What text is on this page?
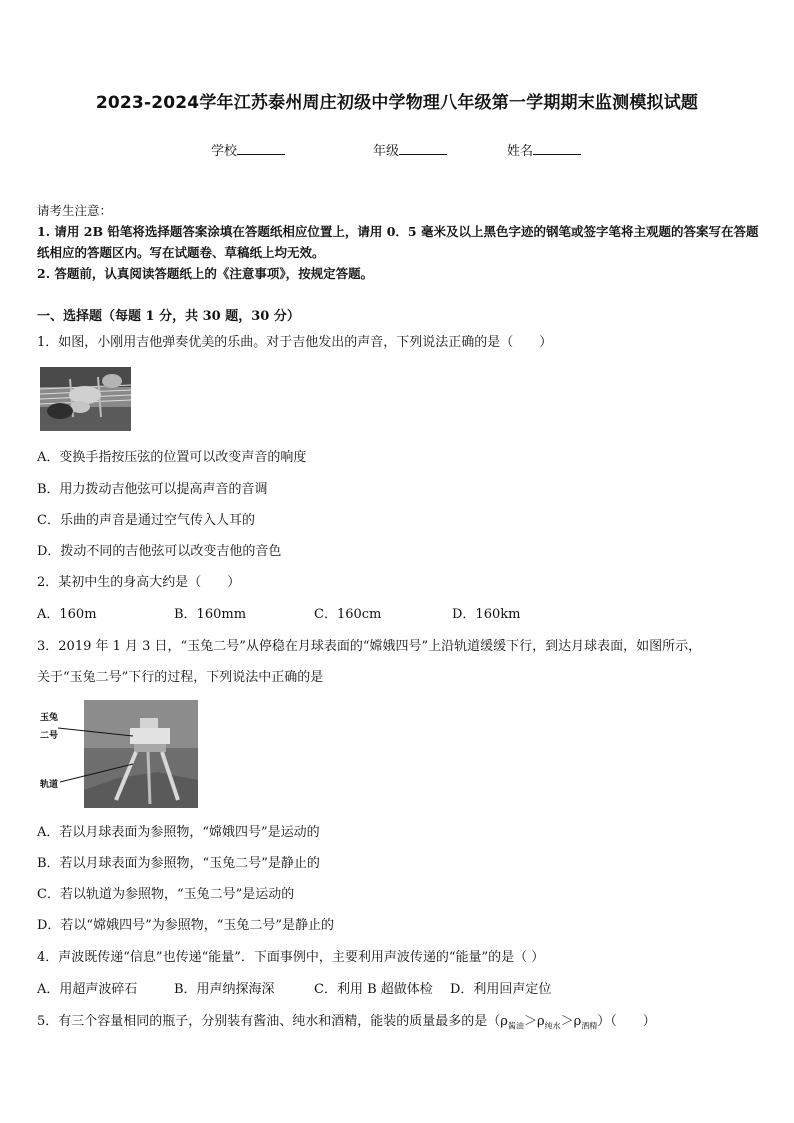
2023-2024学年江苏泰州周庄初级中学物理八年级第一学期期末监测模拟试题
学校	年级	姓名
请考生注意：
1. 请用 2B 铅笔将选择题答案涂填在答题纸相应位置上，请用 0．5 毫米及以上黑色字迹的钢笔或签字笔将主观题的答案写在答题纸相应的答题区内。写在试题卷、草稿纸上均无效。
2. 答题前，认真阅读答题纸上的《注意事项》，按规定答题。
一、选择题（每题 1 分，共 30 题，30 分）
1．如图，小刚用吉他弹奏优美的乐曲。对于吉他发出的声音，下列说法正确的是（　　）
A．变换手指按压弦的位置可以改变声音的响度
B．用力拨动吉他弦可以提高声音的音调
C．乐曲的声音是通过空气传入人耳的
D．拨动不同的吉他弦可以改变吉他的音色
2．某初中生的身高大约是（　　）
A．160m	B．160mm	C．160cm	D．160km
3．2019 年 1 月 3 日，“玉兔二号”从停稳在月球表面的“嫦娥四号”上沿轨道缓缓下行，到达月球表面，如图所示，
关于“玉兔二号”下行的过程，下列说法中正确的是
玉兔
二号
轨道
A．若以月球表面为参照物，“嫦娥四号”是运动的
B．若以月球表面为参照物，“玉兔二号”是静止的
C．若以轨道为参照物，“玉兔二号”是运动的
D．若以“嫦娥四号”为参照物，“玉兔二号”是静止的
4．声波既传递“信息”也传递“能量”．下面事例中，主要利用声波传递的“能量”的是（ ）
A．用超声波碎石	B．用声纳探海深	C．利用 B 超做体检 D．利用回声定位
5．有三个容量相同的瓶子，分别装有酱油、纯水和酒精，能装的质量最多的是$(\rho_{酱油}>\rho_{纯水}>\rho_{酒精})$（　　）
